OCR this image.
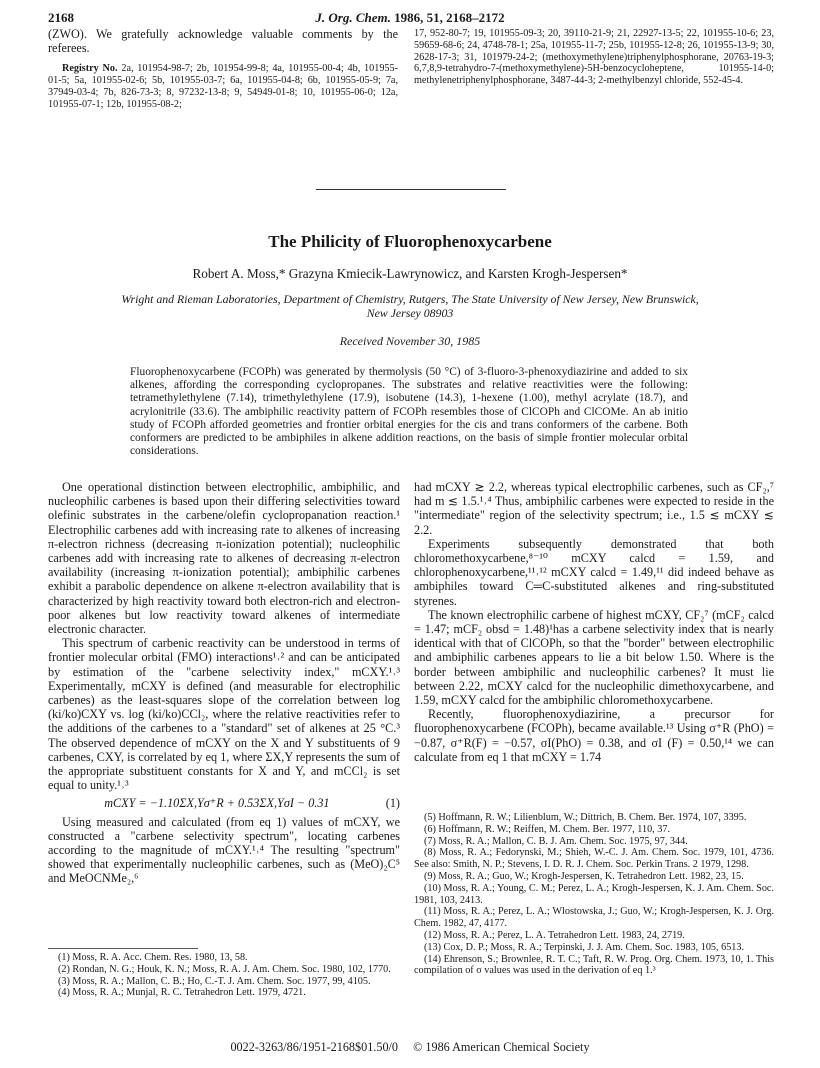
2168	J. Org. Chem. 1986, 51, 2168–2172

(ZWO). We gratefully acknowledge valuable comments by the referees.

Registry No. 2a, 101954-98-7; 2b, 101954-99-8; 4a, 101955-00-4; 4b, 101955-01-5; 5a, 101955-02-6; 5b, 101955-03-7; 6a, 101955-04-8; 6b, 101955-05-9; 7a, 37949-03-4; 7b, 826-73-3; 8, 97232-13-8; 9, 54949-01-8; 10, 101955-06-0; 12a, 101955-07-1; 12b, 101955-08-2;

17, 952-80-7; 19, 101955-09-3; 20, 39110-21-9; 21, 22927-13-5; 22, 101955-10-6; 23, 59659-68-6; 24, 4748-78-1; 25a, 101955-11-7; 25b, 101955-12-8; 26, 101955-13-9; 30, 2628-17-3; 31, 101979-24-2; (methoxymethylene)triphenylphosphorane, 20763-19-3; 6,7,8,9-tetrahydro-7-(methoxymethylene)-5H-benzocycloheptene, 101955-14-0; methylenetriphenylphosphorane, 3487-44-3; 2-methylbenzyl chloride, 552-45-4.
The Philicity of Fluorophenoxycarbene
Robert A. Moss,* Grazyna Kmiecik-Lawrynowicz, and Karsten Krogh-Jespersen*
Wright and Rieman Laboratories, Department of Chemistry, Rutgers, The State University of New Jersey, New Brunswick, New Jersey 08903
Received November 30, 1985
Fluorophenoxycarbene (FCOPh) was generated by thermolysis (50 °C) of 3-fluoro-3-phenoxydiazirine and added to six alkenes, affording the corresponding cyclopropanes. The substrates and relative reactivities were the following: tetramethylethylene (7.14), trimethylethylene (17.9), isobutene (14.3), 1-hexene (1.00), methyl acrylate (18.7), and acrylonitrile (33.6). The ambiphilic reactivity pattern of FCOPh resembles those of ClCOPh and ClCOMe. An ab initio study of FCOPh afforded geometries and frontier orbital energies for the cis and trans conformers of the carbene. Both conformers are predicted to be ambiphiles in alkene addition reactions, on the basis of simple frontier molecular orbital considerations.

One operational distinction between electrophilic, ambiphilic, and nucleophilic carbenes is based upon their differing selectivities toward olefinic substrates in the carbene/olefin cyclopropanation reaction.¹ Electrophilic carbenes add with increasing rate to alkenes of increasing π-electron richness (decreasing π-ionization potential); nucleophilic carbenes add with increasing rate to alkenes of decreasing π-electron availability (increasing π-ionization potential); ambiphilic carbenes exhibit a parabolic dependence on alkene π-electron availability that is characterized by high reactivity toward both electron-rich and electron-poor alkenes but low reactivity toward alkenes of intermediate electronic character.

This spectrum of carbenic reactivity can be understood in terms of frontier molecular orbital (FMO) interactions¹˒² and can be anticipated by estimation of the "carbene selectivity index," mCXY.¹˒³ Experimentally, mCXY is defined (and measurable for electrophilic carbenes) as the least-squares slope of the correlation between log (ki/ko)CXY vs. log (ki/ko)CCl₂, where the relative reactivities refer to the additions of the carbenes to a "standard" set of alkenes at 25 °C.³ The observed dependence of mCXY on the X and Y substituents of 9 carbenes, CXY, is correlated by eq 1, where ΣX,Y represents the sum of the appropriate substituent constants for X and Y, and mCCl₂ is set equal to unity.¹˒³

mCXY = −1.10ΣX,Yσ⁺R + 0.53ΣX,YσI − 0.31	(1)

Using measured and calculated (from eq 1) values of mCXY, we constructed a "carbene selectivity spectrum", locating carbenes according to the magnitude of mCXY.¹˒⁴ The resulting "spectrum" showed that experimentally nucleophilic carbenes, such as (MeO)₂C⁵ and MeOCNMe₂,⁶

(1) Moss, R. A. Acc. Chem. Res. 1980, 13, 58.
(2) Rondan, N. G.; Houk, K. N.; Moss, R. A. J. Am. Chem. Soc. 1980, 102, 1770.
(3) Moss, R. A.; Mallon, C. B.; Ho, C.-T. J. Am. Chem. Soc. 1977, 99, 4105.
(4) Moss, R. A.; Munjal, R. C. Tetrahedron Lett. 1979, 4721.

had mCXY ≳ 2.2, whereas typical electrophilic carbenes, such as CF₂,⁷ had m ≲ 1.5.¹˒⁴ Thus, ambiphilic carbenes were expected to reside in the "intermediate" region of the selectivity spectrum; i.e., 1.5 ≲ mCXY ≲ 2.2.

Experiments subsequently demonstrated that both chloromethoxycarbene,⁸⁻¹⁰ mCXY calcd = 1.59, and chlorophenoxycarbene,¹¹˒¹² mCXY calcd = 1.49,¹¹ did indeed behave as ambiphiles toward C═C-substituted alkenes and ring-substituted styrenes.

The known electrophilic carbene of highest mCXY, CF₂⁷ (mCF₂ calcd = 1.47; mCF₂ obsd = 1.48)¹has a carbene selectivity index that is nearly identical with that of ClCOPh, so that the "border" between electrophilic and ambiphilic carbenes appears to lie a bit below 1.50. Where is the border between ambiphilic and nucleophilic carbenes? It must lie between 2.22, mCXY calcd for the nucleophilic dimethoxycarbene, and 1.59, mCXY calcd for the ambiphilic chloromethoxycarbene.

Recently, fluorophenoxydiazirine, a precursor for fluorophenoxycarbene (FCOPh), became available.¹³ Using σ⁺R (PhO) = −0.87, σ⁺R(F) = −0.57, σI(PhO) = 0.38, and σI (F) = 0.50,¹⁴ we can calculate from eq 1 that mCXY = 1.74

(5) Hoffmann, R. W.; Lilienblum, W.; Dittrich, B. Chem. Ber. 1974, 107, 3395.
(6) Hoffmann, R. W.; Reiffen, M. Chem. Ber. 1977, 110, 37.
(7) Moss, R. A.; Mallon, C. B. J. Am. Chem. Soc. 1975, 97, 344.
(8) Moss, R. A.; Fedorynski, M.; Shieh, W.-C. J. Am. Chem. Soc. 1979, 101, 4736. See also: Smith, N. P.; Stevens, I. D. R. J. Chem. Soc. Perkin Trans. 2 1979, 1298.
(9) Moss, R. A.; Guo, W.; Krogh-Jespersen, K. Tetrahedron Lett. 1982, 23, 15.
(10) Moss, R. A.; Young, C. M.; Perez, L. A.; Krogh-Jespersen, K. J. Am. Chem. Soc. 1981, 103, 2413.
(11) Moss, R. A.; Perez, L. A.; Wlostowska, J.; Guo, W.; Krogh-Jespersen, K. J. Org. Chem. 1982, 47, 4177.
(12) Moss, R. A.; Perez, L. A. Tetrahedron Lett. 1983, 24, 2719.
(13) Cox, D. P.; Moss, R. A.; Terpinski, J. J. Am. Chem. Soc. 1983, 105, 6513.
(14) Ehrenson, S.; Brownlee, R. T. C.; Taft, R. W. Prog. Org. Chem. 1973, 10, 1. This compilation of σ values was used in the derivation of eq 1.³
0022-3263/86/1951-2168$01.50/0 © 1986 American Chemical Society
